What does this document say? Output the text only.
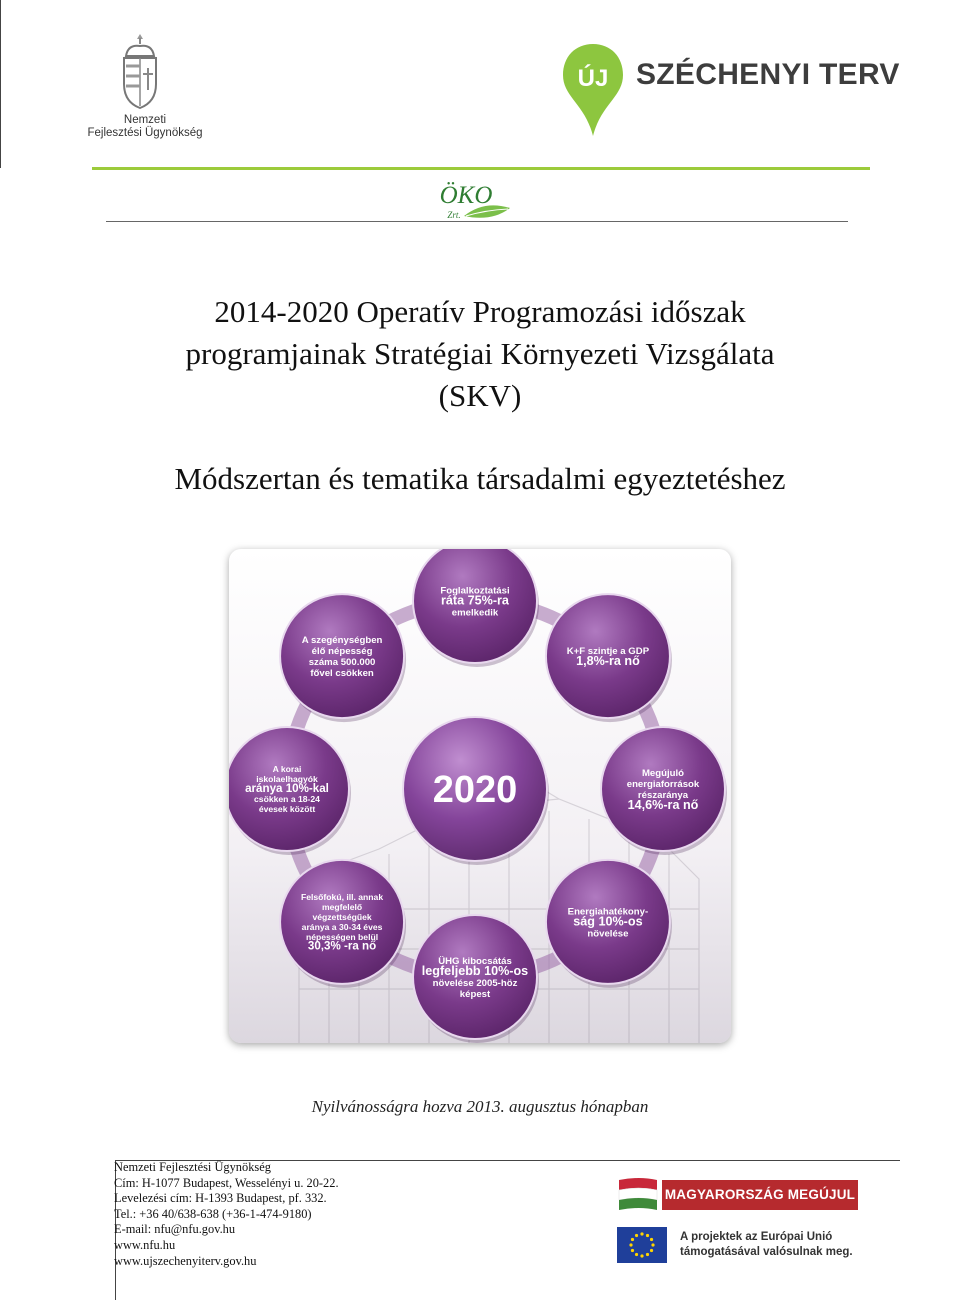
Nemzeti
Fejlesztési Ügynökség
ÚJ SZÉCHENYI TERV
ÖKO
Zrt.
2014-2020 Operatív Programozási időszak
programjainak Stratégiai Környezeti Vizsgálata
(SKV)
Módszertan és tematika társadalmi egyeztetéshez
Foglalkoztatási
ráta 75%-ra
emelkedik
K+F szintje a GDP
1,8%-ra nő
Megújuló
energiaforrások
részaránya
14,6%-ra nő
Energiahatékony-
ság 10%-os
növelése
ÜHG kibocsátás
legfeljebb 10%-os
növelése 2005-höz
képest
Felsőfokú, ill. annak
megfelelő
végzettségűek
aránya a 30-34 éves
népességen belül
30,3% -ra nő
A korai
iskolaelhagyók
aránya 10%-kal
csökken a 18-24
évesek között
A szegénységben
élő népesség
száma 500.000
fővel csökken
2020
Nyilvánosságra hozva 2013. augusztus hónapban
Nemzeti Fejlesztési Ügynökség
Cím: H-1077 Budapest, Wesselényi u. 20-22.
Levelezési cím: H-1393 Budapest, pf. 332.
Tel.: +36 40/638-638 (+36-1-474-9180)
E-mail: nfu@nfu.gov.hu
www.nfu.hu
www.ujszechenyiterv.gov.hu
MAGYARORSZÁG MEGÚJUL
A projektek az Európai Unió
támogatásával valósulnak meg.
